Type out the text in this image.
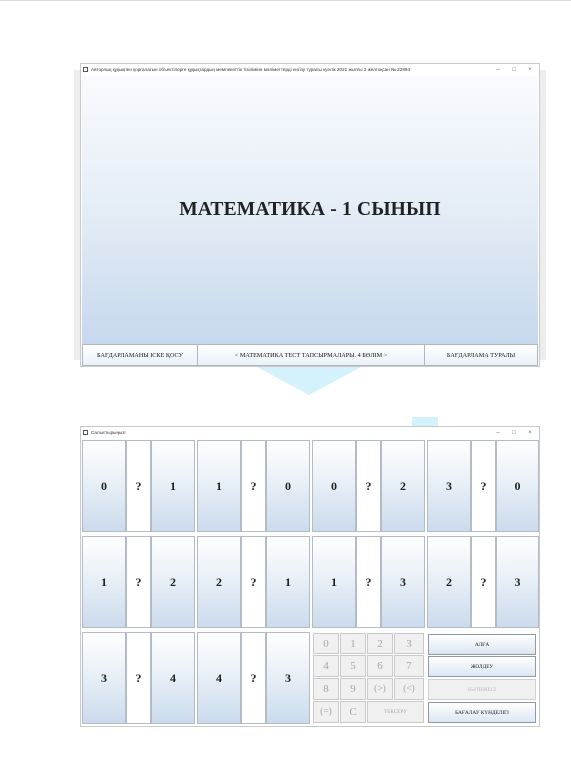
Авторлық құқықпен қорғалатын объектілерге құқықтардың мемлекеттік тізіліміне мәліметтерді енгізу туралы куәлік 2021 жылғы 2 желтоқсан № 22894	–	□	×
МАТЕМАТИКА - 1 СЫНЫП
БАҒДАРЛАМАНЫ ІСКЕ ҚОСУ	< МАТЕМАТИКА ТЕСТ ТАПСЫРМАЛАРЫ. 4 БӨЛІМ >	БАҒДАРЛАМА ТУРАЛЫ
Салыстырыңыз!	–	□	×
0	?	1	1	?	0	0	?	2	3	?	0
1	?	2	2	?	1	1	?	3	2	?	3
3	?	4	4	?	3
0	1	2	3
4	5	6	7
8	9	(>)	(<)
(=)	C	ТЕКСЕРУ
АЛҒА
ЖОЛДЕУ
НӘТИЖЕСІ
БАҒАЛАУ КҮНДЕЛІГІ
